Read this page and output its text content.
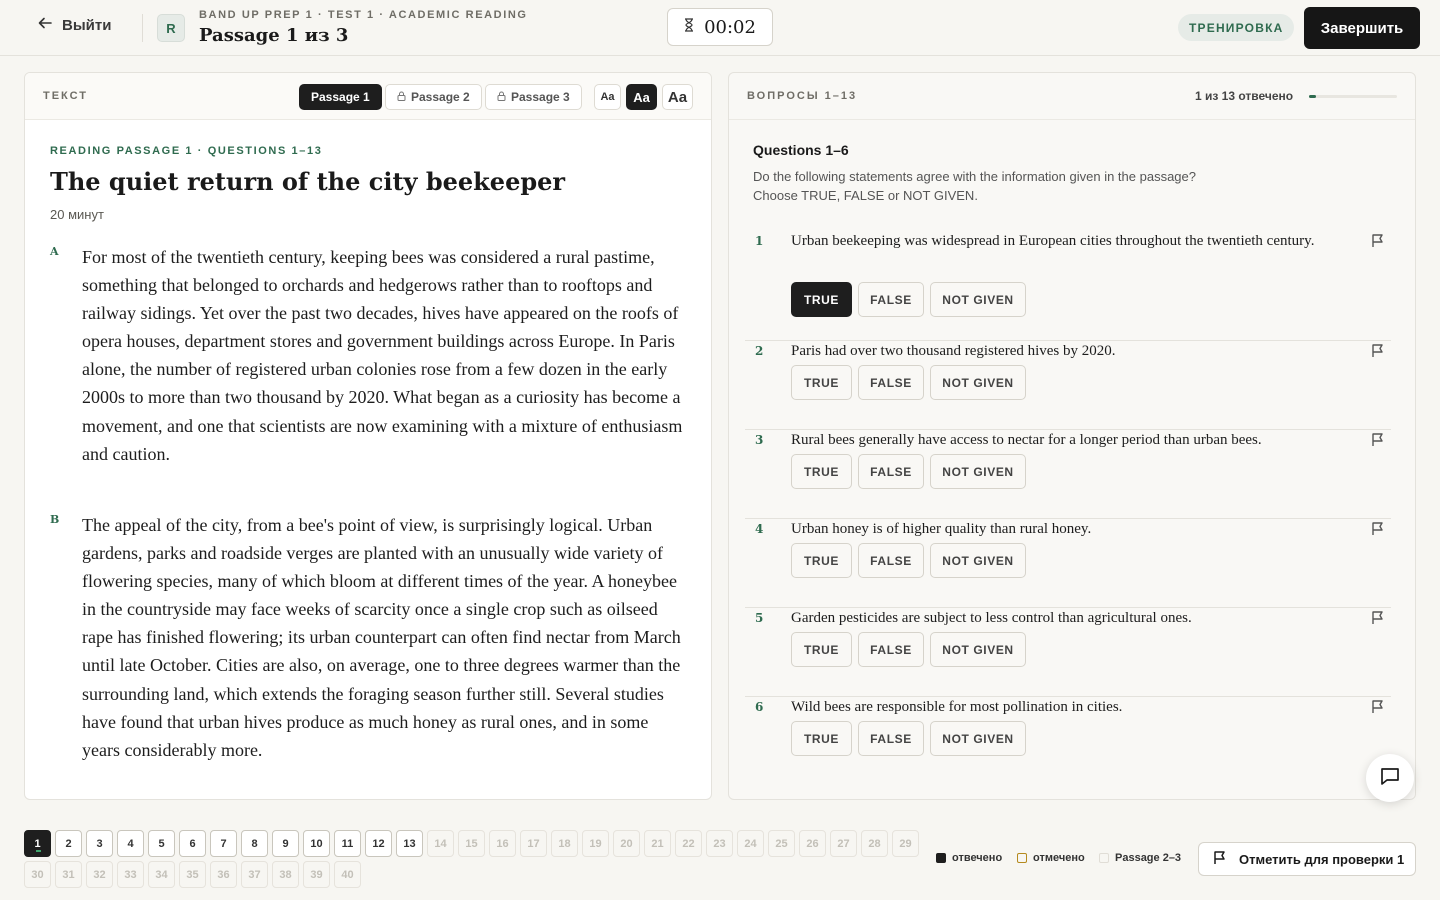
Выйти	R
BAND UP PREP 1 · TEST 1 · ACADEMIC READING
Passage 1 из 3	00:02	ТРЕНИРОВКА	Завершить
ТЕКСТ	Passage 1	Passage 2	Passage 3	Aa	Aa	Aa
READING PASSAGE 1 · QUESTIONS 1–13
The quiet return of the city beekeeper
20 минут
A For most of the twentieth century, keeping bees was considered a rural pastime, something that belonged to orchards and hedgerows rather than to rooftops and railway sidings. Yet over the past two decades, hives have appeared on the roofs of opera houses, department stores and government buildings across Europe. In Paris alone, the number of registered urban colonies rose from a few dozen in the early 2000s to more than two thousand by 2020. What began as a curiosity has become a movement, and one that scientists are now examining with a mixture of enthusiasm and caution.
B The appeal of the city, from a bee's point of view, is surprisingly logical. Urban gardens, parks and roadside verges are planted with an unusually wide variety of flowering species, many of which bloom at different times of the year. A honeybee in the countryside may face weeks of scarcity once a single crop such as oilseed rape has finished flowering; its urban counterpart can often find nectar from March until late October. Cities are also, on average, one to three degrees warmer than the surrounding land, which extends the foraging season further still. Several studies have found that urban hives produce as much honey as rural ones, and in some years considerably more.
ВОПРОСЫ 1–13	1 из 13 отвечено
Questions 1–6
Do the following statements agree with the information given in the passage?
Choose TRUE, FALSE or NOT GIVEN.
1 Urban beekeeping was widespread in European cities throughout the twentieth century.
TRUE	FALSE	NOT GIVEN
2 Paris had over two thousand registered hives by 2020.
TRUE	FALSE	NOT GIVEN
3 Rural bees generally have access to nectar for a longer period than urban bees.
TRUE	FALSE	NOT GIVEN
4 Urban honey is of higher quality than rural honey.
TRUE	FALSE	NOT GIVEN
5 Garden pesticides are subject to less control than agricultural ones.
TRUE	FALSE	NOT GIVEN
6 Wild bees are responsible for most pollination in cities.
TRUE	FALSE	NOT GIVEN
1	2	3	4	5	6	7	8	9	10	11	12	13	14	15	16	17	18	19	20	21	22	23	24	25	26	27	28	29
30	31	32	33	34	35	36	37	38	39	40
отвечено	отмечено	Passage 2–3	Отметить для проверки 1
